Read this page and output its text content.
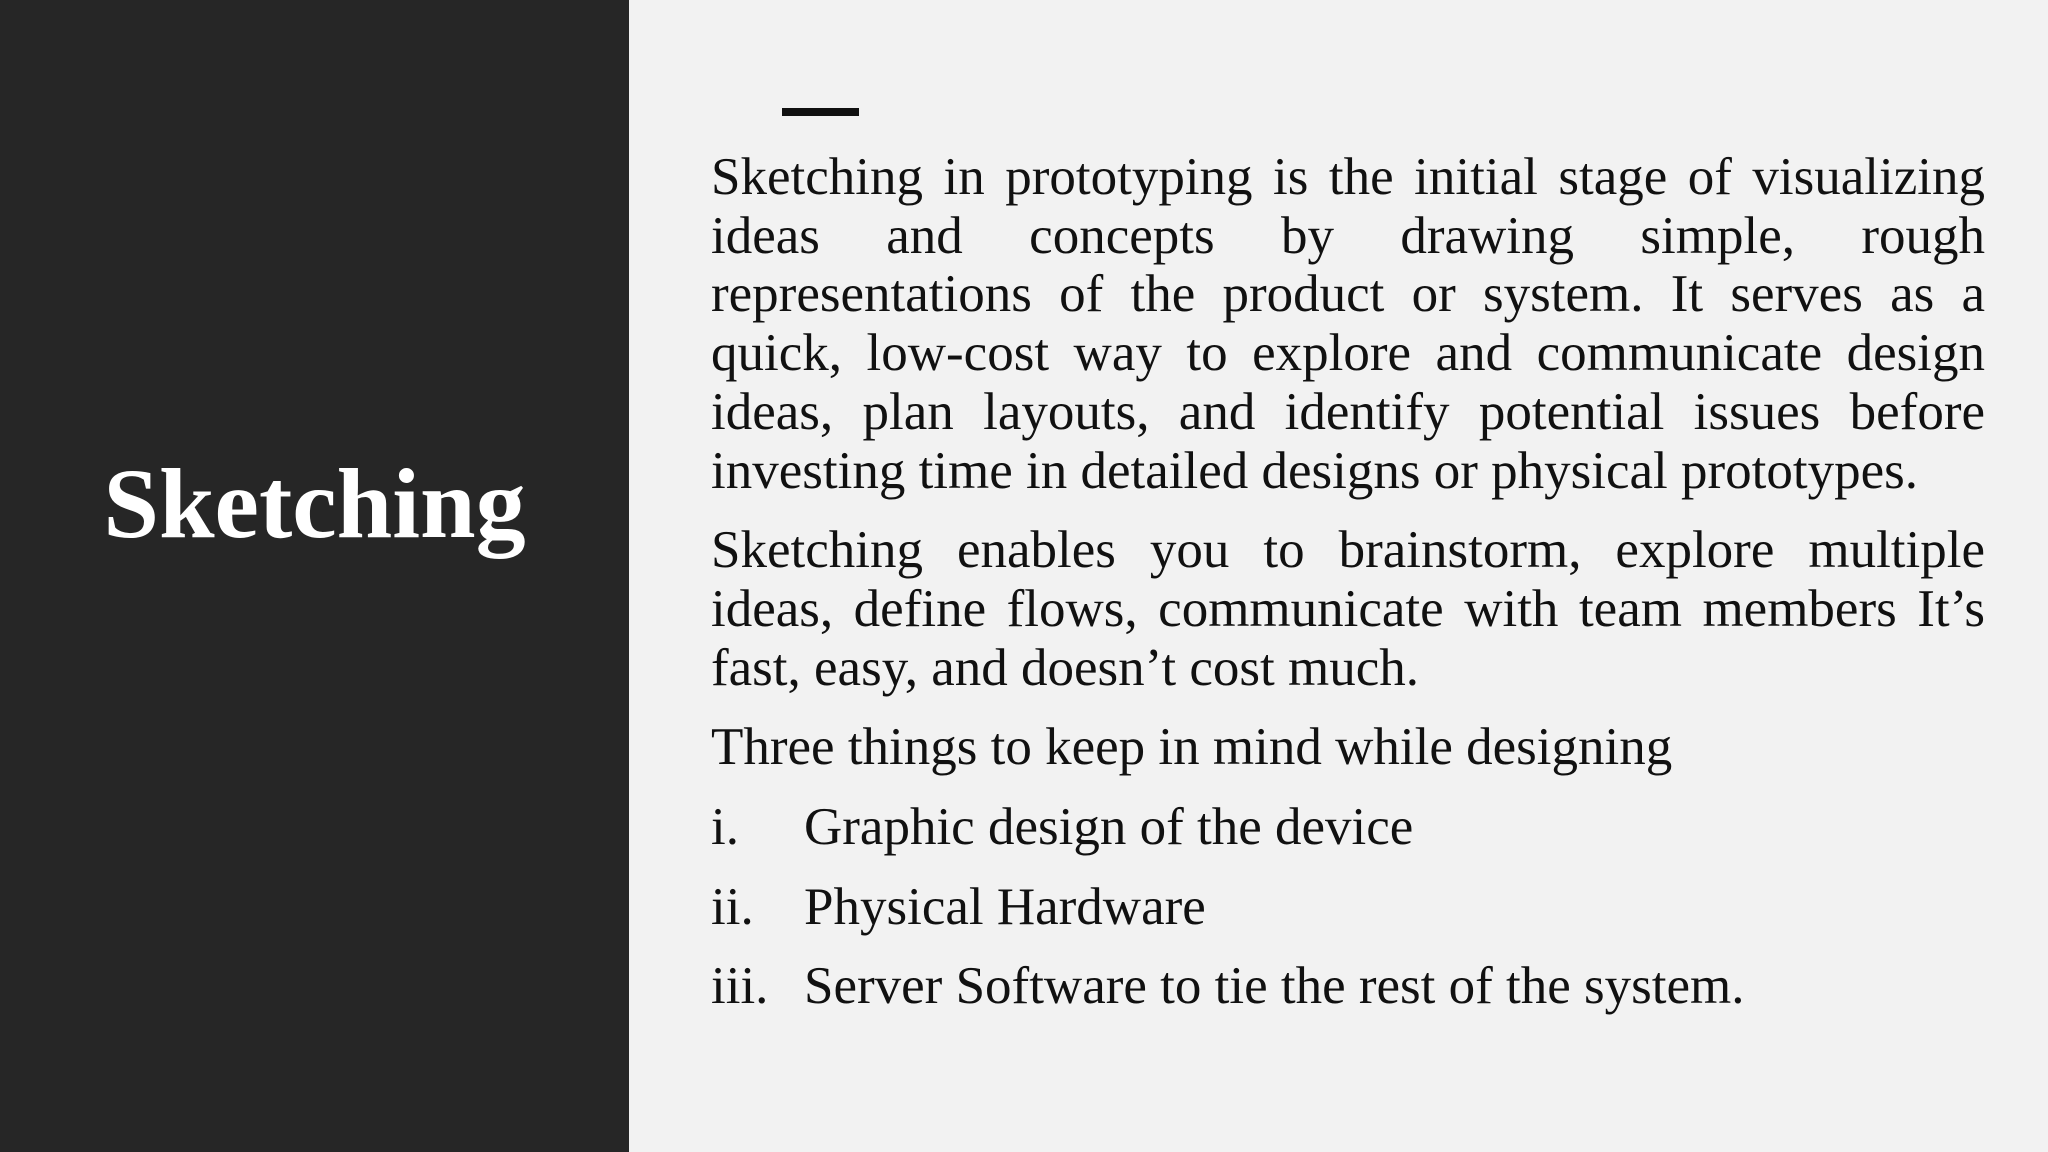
Sketching

Sketching in prototyping is the initial stage of visualizing ideas and concepts by drawing simple, rough representations of the product or system. It serves as a quick, low-cost way to explore and communicate design ideas, plan layouts, and identify potential issues before investing time in detailed designs or physical prototypes.

Sketching enables you to brainstorm, explore multiple ideas, define flows, communicate with team members It’s fast, easy, and doesn’t cost much.

Three things to keep in mind while designing

i.	Graphic design of the device
ii. Physical Hardware
iii. Server Software to tie the rest of the system.
